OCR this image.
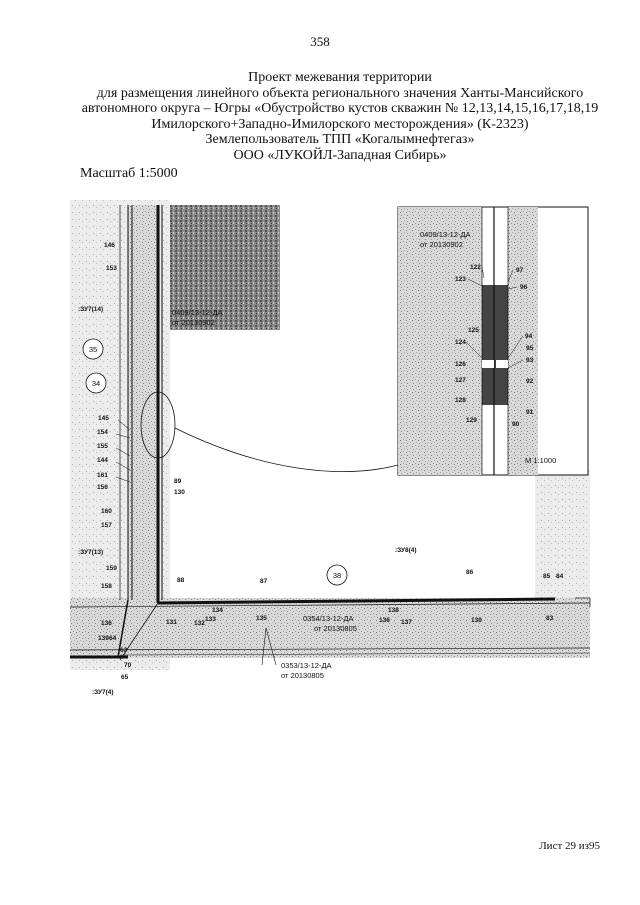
358
Проект межевания территории
для размещения линейного объекта регионального значения Ханты-Мансийского
автономного округа – Югры «Обустройство кустов скважин № 12,13,14,15,16,17,18,19
Имилорского+Западно-Имилорского месторождения» (К-2323)
Землепользователь ТПП «Когалымнефтегаз»
ООО «ЛУКОЙЛ-Западная Сибирь»
Масштаб 1:5000
35
34
38
:ЗУ7(14)
:ЗУ7(13)
:ЗУ7(4)
:ЗУ8(4)
0409/13-12-ДА
от 20130902
0409/13-12-ДА
от 20130902
0354/13-12-ДА
от 20130805
0353/13-12-ДА
от 20130805
М 1:1000
146
153
145
154
155
144
161
156
160
157
159
158
136
139 64
63
70
65
89
130
88	87
86
85 84
131
134
133
132
135	136
138
137	139	83
122
123
125
124
126
127
128
129
97
96
94
95
93
92
91
90
Лист 29 из95
